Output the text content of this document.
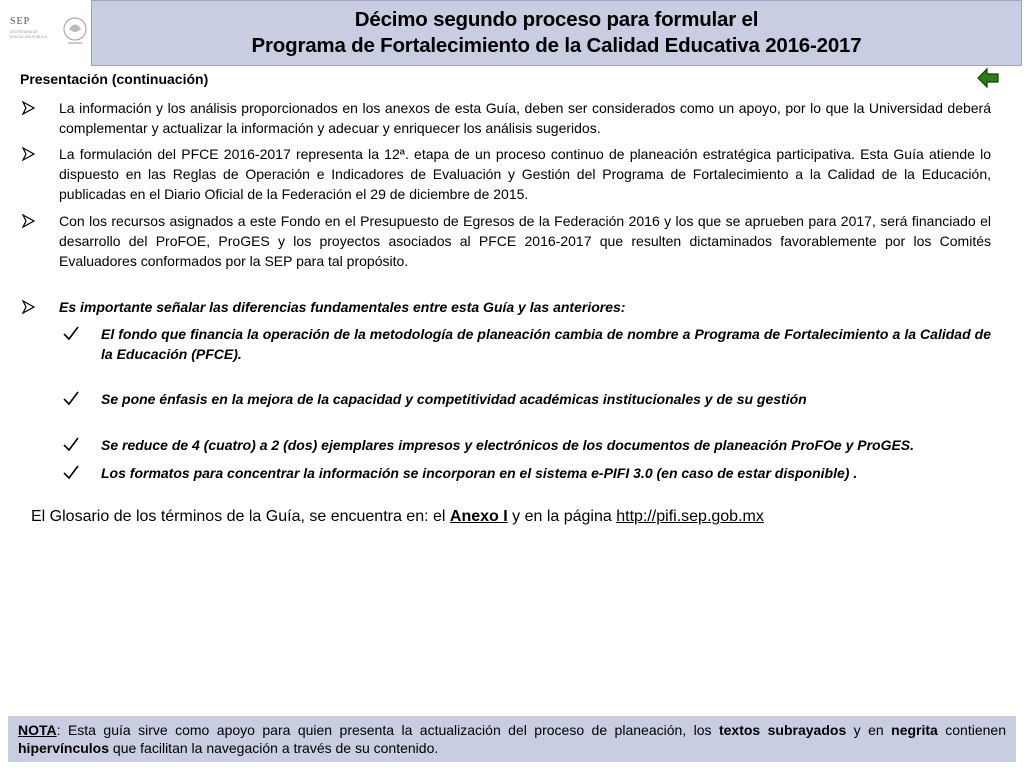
SEP
SECRETARÍA DE EDUCACIÓN PÚBLICA
Décimo segundo proceso para formular el
Programa de Fortalecimiento de la Calidad Educativa 2016-2017
Presentación (continuación)
La información y los análisis proporcionados en los anexos de esta Guía, deben ser considerados como un apoyo, por lo que la Universidad deberá complementar y actualizar la información y adecuar y enriquecer los análisis sugeridos.
La formulación del PFCE 2016-2017 representa la 12ª. etapa de un proceso continuo de planeación estratégica participativa. Esta Guía atiende lo dispuesto en las Reglas de Operación e Indicadores de Evaluación y Gestión del Programa de Fortalecimiento a la Calidad de la Educación, publicadas en el Diario Oficial de la Federación el 29 de diciembre de 2015.
Con los recursos asignados a este Fondo en el Presupuesto de Egresos de la Federación 2016 y los que se aprueben para 2017, será financiado el desarrollo del ProFOE, ProGES y los proyectos asociados al PFCE 2016-2017 que resulten dictaminados favorablemente por los Comités Evaluadores conformados por la SEP para tal propósito.
Es importante señalar las diferencias fundamentales entre esta Guía y las anteriores:
El fondo que financia la operación de la metodología de planeación cambia de nombre a Programa de Fortalecimiento a la Calidad de la Educación (PFCE).
Se pone énfasis en la mejora de la capacidad y competitividad académicas institucionales y de su gestión
Se reduce de 4 (cuatro) a 2 (dos) ejemplares impresos y electrónicos de los documentos de planeación ProFOe y ProGES.
Los formatos para concentrar la información se incorporan en el sistema e-PIFI 3.0 (en caso de estar disponible) .
El Glosario de los términos de la Guía, se encuentra en: el Anexo I y en la página http://pifi.sep.gob.mx
NOTA: Esta guía sirve como apoyo para quien presenta la actualización del proceso de planeación, los textos subrayados y en negrita contienen hipervínculos que facilitan la navegación a través de su contenido.
